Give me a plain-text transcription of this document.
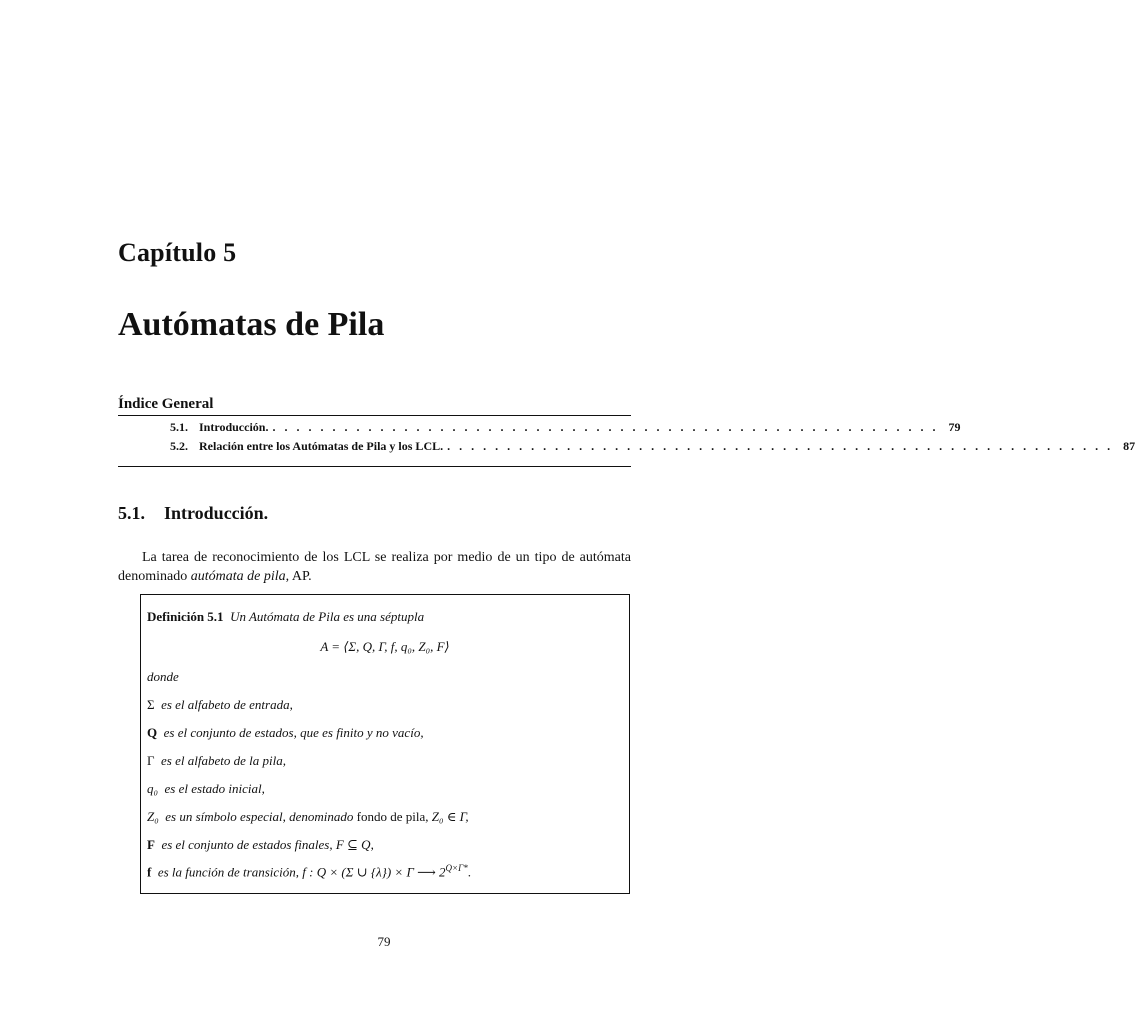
Capítulo 5
Autómatas de Pila
Índice General
5.1. Introducción. . . . . . . . . . . . . . . . . . . . . . . . . . . . . . . . . . . . . . . . . . . . . . . . . . . . . . . . . 79
5.2. Relación entre los Autómatas de Pila y los LCL. . . . . . . . . . . . . . . . . . . . . . . . . . . . . . . . . . . . . . . . . . . . . . . . . . . . . . . . . 87
5.1. Introducción.

La tarea de reconocimiento de los LCL se realiza por medio de un tipo de autómata denominado autómata de pila, AP.

Definición 5.1 Un Autómata de Pila es una séptupla
A = ⟨Σ, Q, Γ, f, q₀, Z₀, F⟩
donde
Σ es el alfabeto de entrada,
Q es el conjunto de estados, que es finito y no vacío,
Γ es el alfabeto de la pila,
q₀ es el estado inicial,
Z₀ es un símbolo especial, denominado fondo de pila, Z₀ ∈ Γ,
F es el conjunto de estados finales, F ⊆ Q,
f es la función de transición, f : Q × (Σ ∪ {λ}) × Γ ⟶ $2^{Q\times\Gamma*}$.
79
